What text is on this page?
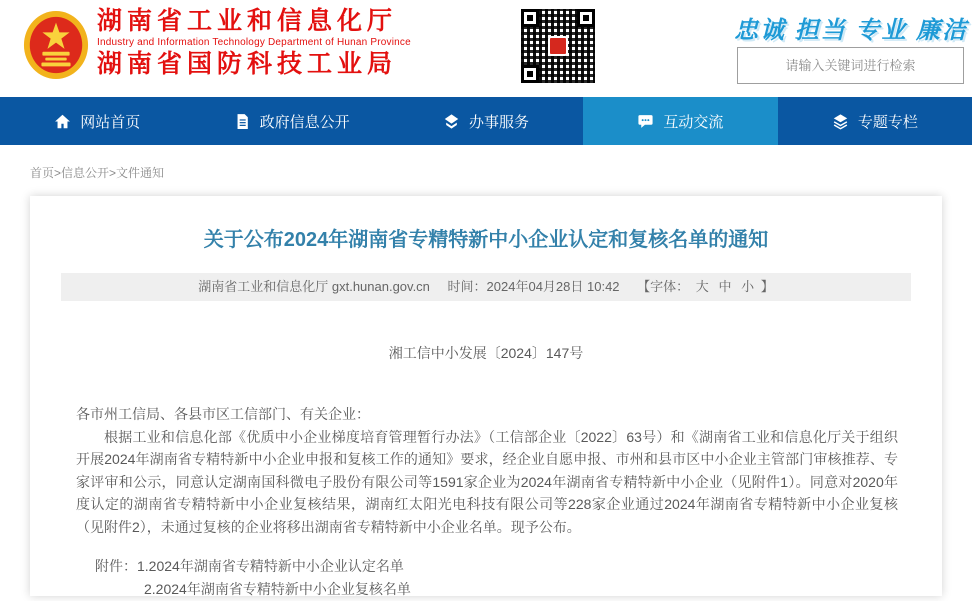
湖南省工业和信息化厅
Industry and Information Technology Department of Hunan Province
湖南省国防科技工业局
忠诚 担当 专业 廉洁
请输入关键词进行检索
网站首页	政府信息公开	办事服务	互动交流	专题专栏
首页>信息公开>文件通知
关于公布2024年湖南省专精特新中小企业认定和复核名单的通知
湖南省工业和信息化厅 gxt.hunan.gov.cn 时间：2024年04月28日 10:42 【字体： 大 中 小 】
湘工信中小发展〔2024〕147号

各市州工信局、各县市区工信部门、有关企业：

根据工业和信息化部《优质中小企业梯度培育管理暂行办法》（工信部企业〔2022〕63号）和《湖南省工业和信息化厅关于组织开展2024年湖南省专精特新中小企业申报和复核工作的通知》要求，经企业自愿申报、市州和县市区中小企业主管部门审核推荐、专家评审和公示，同意认定湖南国科微电子股份有限公司等1591家企业为2024年湖南省专精特新中小企业（见附件1）。同意对2020年度认定的湖南省专精特新中小企业复核结果，湖南红太阳光电科技有限公司等228家企业通过2024年湖南省专精特新中小企业复核（见附件2），未通过复核的企业将移出湖南省专精特新中小企业名单。现予公布。

附件：1.2024年湖南省专精特新中小企业认定名单
2.2024年湖南省专精特新中小企业复核名单
